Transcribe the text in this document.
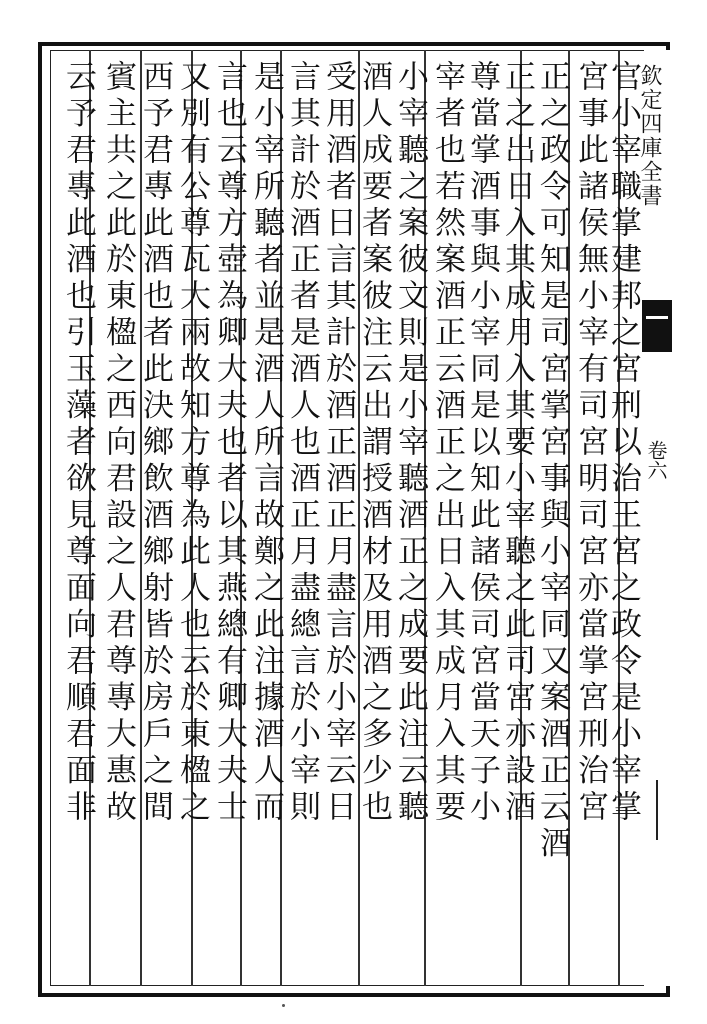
欽定四庫全書
卷六
官小宰職掌建邦之宮刑以治王宮之政令是小宰掌
宮事此諸侯無小宰有司宮明司宮亦當掌宮刑治宮
正之政令可知是司宮掌宮事與小宰同又案酒正云酒
正之出日入其成月入其要小宰聽之此司宮亦設酒
尊當掌酒事與小宰同是以知此諸侯司宮當天子小
宰者也若然案酒正云酒正之出日入其成月入其要
小宰聽之案彼文則是小宰聽酒正之成要此注云聽
酒人成要者案彼注云出謂授酒材及用酒之多少也
受用酒者日言其計於酒正酒正月盡言於小宰云日
言其計於酒正者是酒人也酒正月盡總言於小宰則
是小宰所聽者並是酒人所言故鄭之此注據酒人而
言也云尊方壺為卿大夫也者以其燕總有卿大夫士
又別有公尊瓦大兩故知方尊為此人也云於東楹之
西予君專此酒也者此決鄉飲酒鄉射皆於房戶之間
賓主共之此於東楹之西向君設之人君尊專大惠故
云予君專此酒也引玉藻者欲見尊面向君順君面非
